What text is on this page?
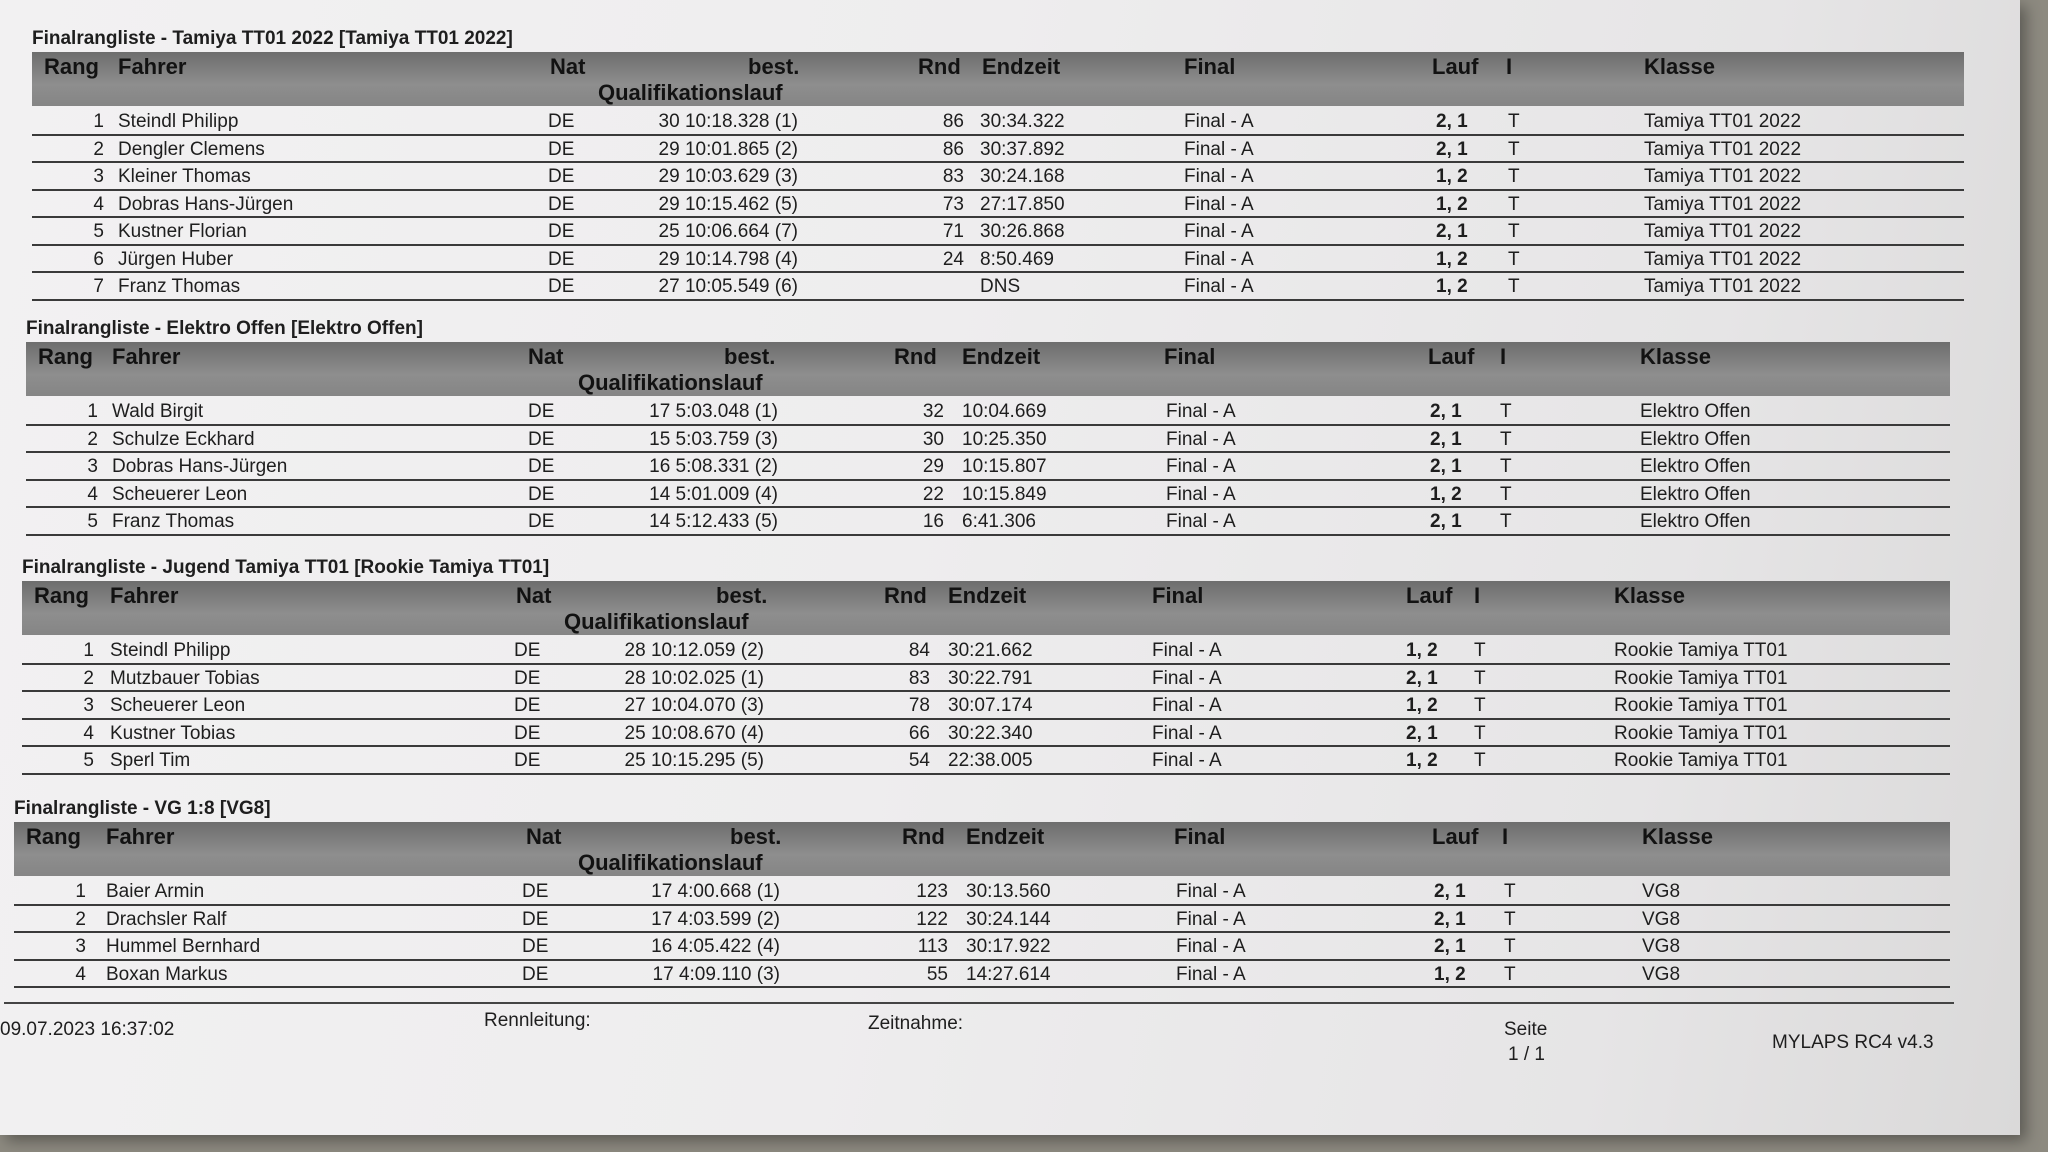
Finalrangliste - Tamiya TT01 2022 [Tamiya TT01 2022]
Rang Fahrer	Nat	best.
Qualifikationslauf
Rnd Endzeit	Final	Lauf I	Klasse
1 Steindl Philipp	DE	30 10:18.328 (1)	86 30:34.322	Final - A	2, 1 T	Tamiya TT01 2022
2 Dengler Clemens	DE	29 10:01.865 (2)	86 30:37.892	Final - A	2, 1 T	Tamiya TT01 2022
3 Kleiner Thomas	DE	29 10:03.629 (3)	83 30:24.168	Final - A	1, 2 T	Tamiya TT01 2022
4 Dobras Hans-Jürgen	DE	29 10:15.462 (5)	73 27:17.850	Final - A	1, 2 T	Tamiya TT01 2022
5 Kustner Florian	DE	25 10:06.664 (7)	71 30:26.868	Final - A	2, 1 T	Tamiya TT01 2022
6 Jürgen Huber	DE	29 10:14.798 (4)	24 8:50.469	Final - A	1, 2 T	Tamiya TT01 2022
7 Franz Thomas	DE	27 10:05.549 (6)	DNS	Final - A	1, 2 T	Tamiya TT01 2022
Finalrangliste - Elektro Offen [Elektro Offen]
Rang Fahrer	Nat	best.
Qualifikationslauf
Rnd Endzeit	Final	Lauf I	Klasse
1 Wald Birgit	DE	17 5:03.048 (1)	32 10:04.669	Final - A	2, 1 T	Elektro Offen
2 Schulze Eckhard	DE	15 5:03.759 (3)	30 10:25.350	Final - A	2, 1 T	Elektro Offen
3 Dobras Hans-Jürgen	DE	16 5:08.331 (2)	29 10:15.807	Final - A	2, 1 T	Elektro Offen
4 Scheuerer Leon	DE	14 5:01.009 (4)	22 10:15.849	Final - A	1, 2 T	Elektro Offen
5 Franz Thomas	DE	14 5:12.433 (5)	16 6:41.306	Final - A	2, 1 T	Elektro Offen
Finalrangliste - Jugend Tamiya TT01 [Rookie Tamiya TT01]
Rang Fahrer	Nat	best.
Qualifikationslauf
Rnd Endzeit	Final	Lauf I	Klasse
1 Steindl Philipp	DE	28 10:12.059 (2)	84 30:21.662	Final - A	1, 2 T	Rookie Tamiya TT01
2 Mutzbauer Tobias	DE	28 10:02.025 (1)	83 30:22.791	Final - A	2, 1 T	Rookie Tamiya TT01
3 Scheuerer Leon	DE	27 10:04.070 (3)	78 30:07.174	Final - A	1, 2 T	Rookie Tamiya TT01
4 Kustner Tobias	DE	25 10:08.670 (4)	66 30:22.340	Final - A	2, 1 T	Rookie Tamiya TT01
5 Sperl Tim	DE	25 10:15.295 (5)	54 22:38.005	Final - A	1, 2 T	Rookie Tamiya TT01
Finalrangliste - VG 1:8 [VG8]
Rang Fahrer	Nat	best.
Qualifikationslauf
Rnd Endzeit	Final	Lauf I	Klasse
1 Baier Armin	DE	17 4:00.668 (1)	123 30:13.560	Final - A	2, 1 T	VG8
2 Drachsler Ralf	DE	17 4:03.599 (2)	122 30:24.144	Final - A	2, 1 T	VG8
3 Hummel Bernhard	DE	16 4:05.422 (4)	113 30:17.922	Final - A	2, 1 T	VG8
4 Boxan Markus	DE	17 4:09.110 (3)	55 14:27.614	Final - A	1, 2 T	VG8
09.07.2023 16:37:02	Rennleitung:	Zeitnahme:	Seite
1 / 1
MYLAPS RC4 v4.3
